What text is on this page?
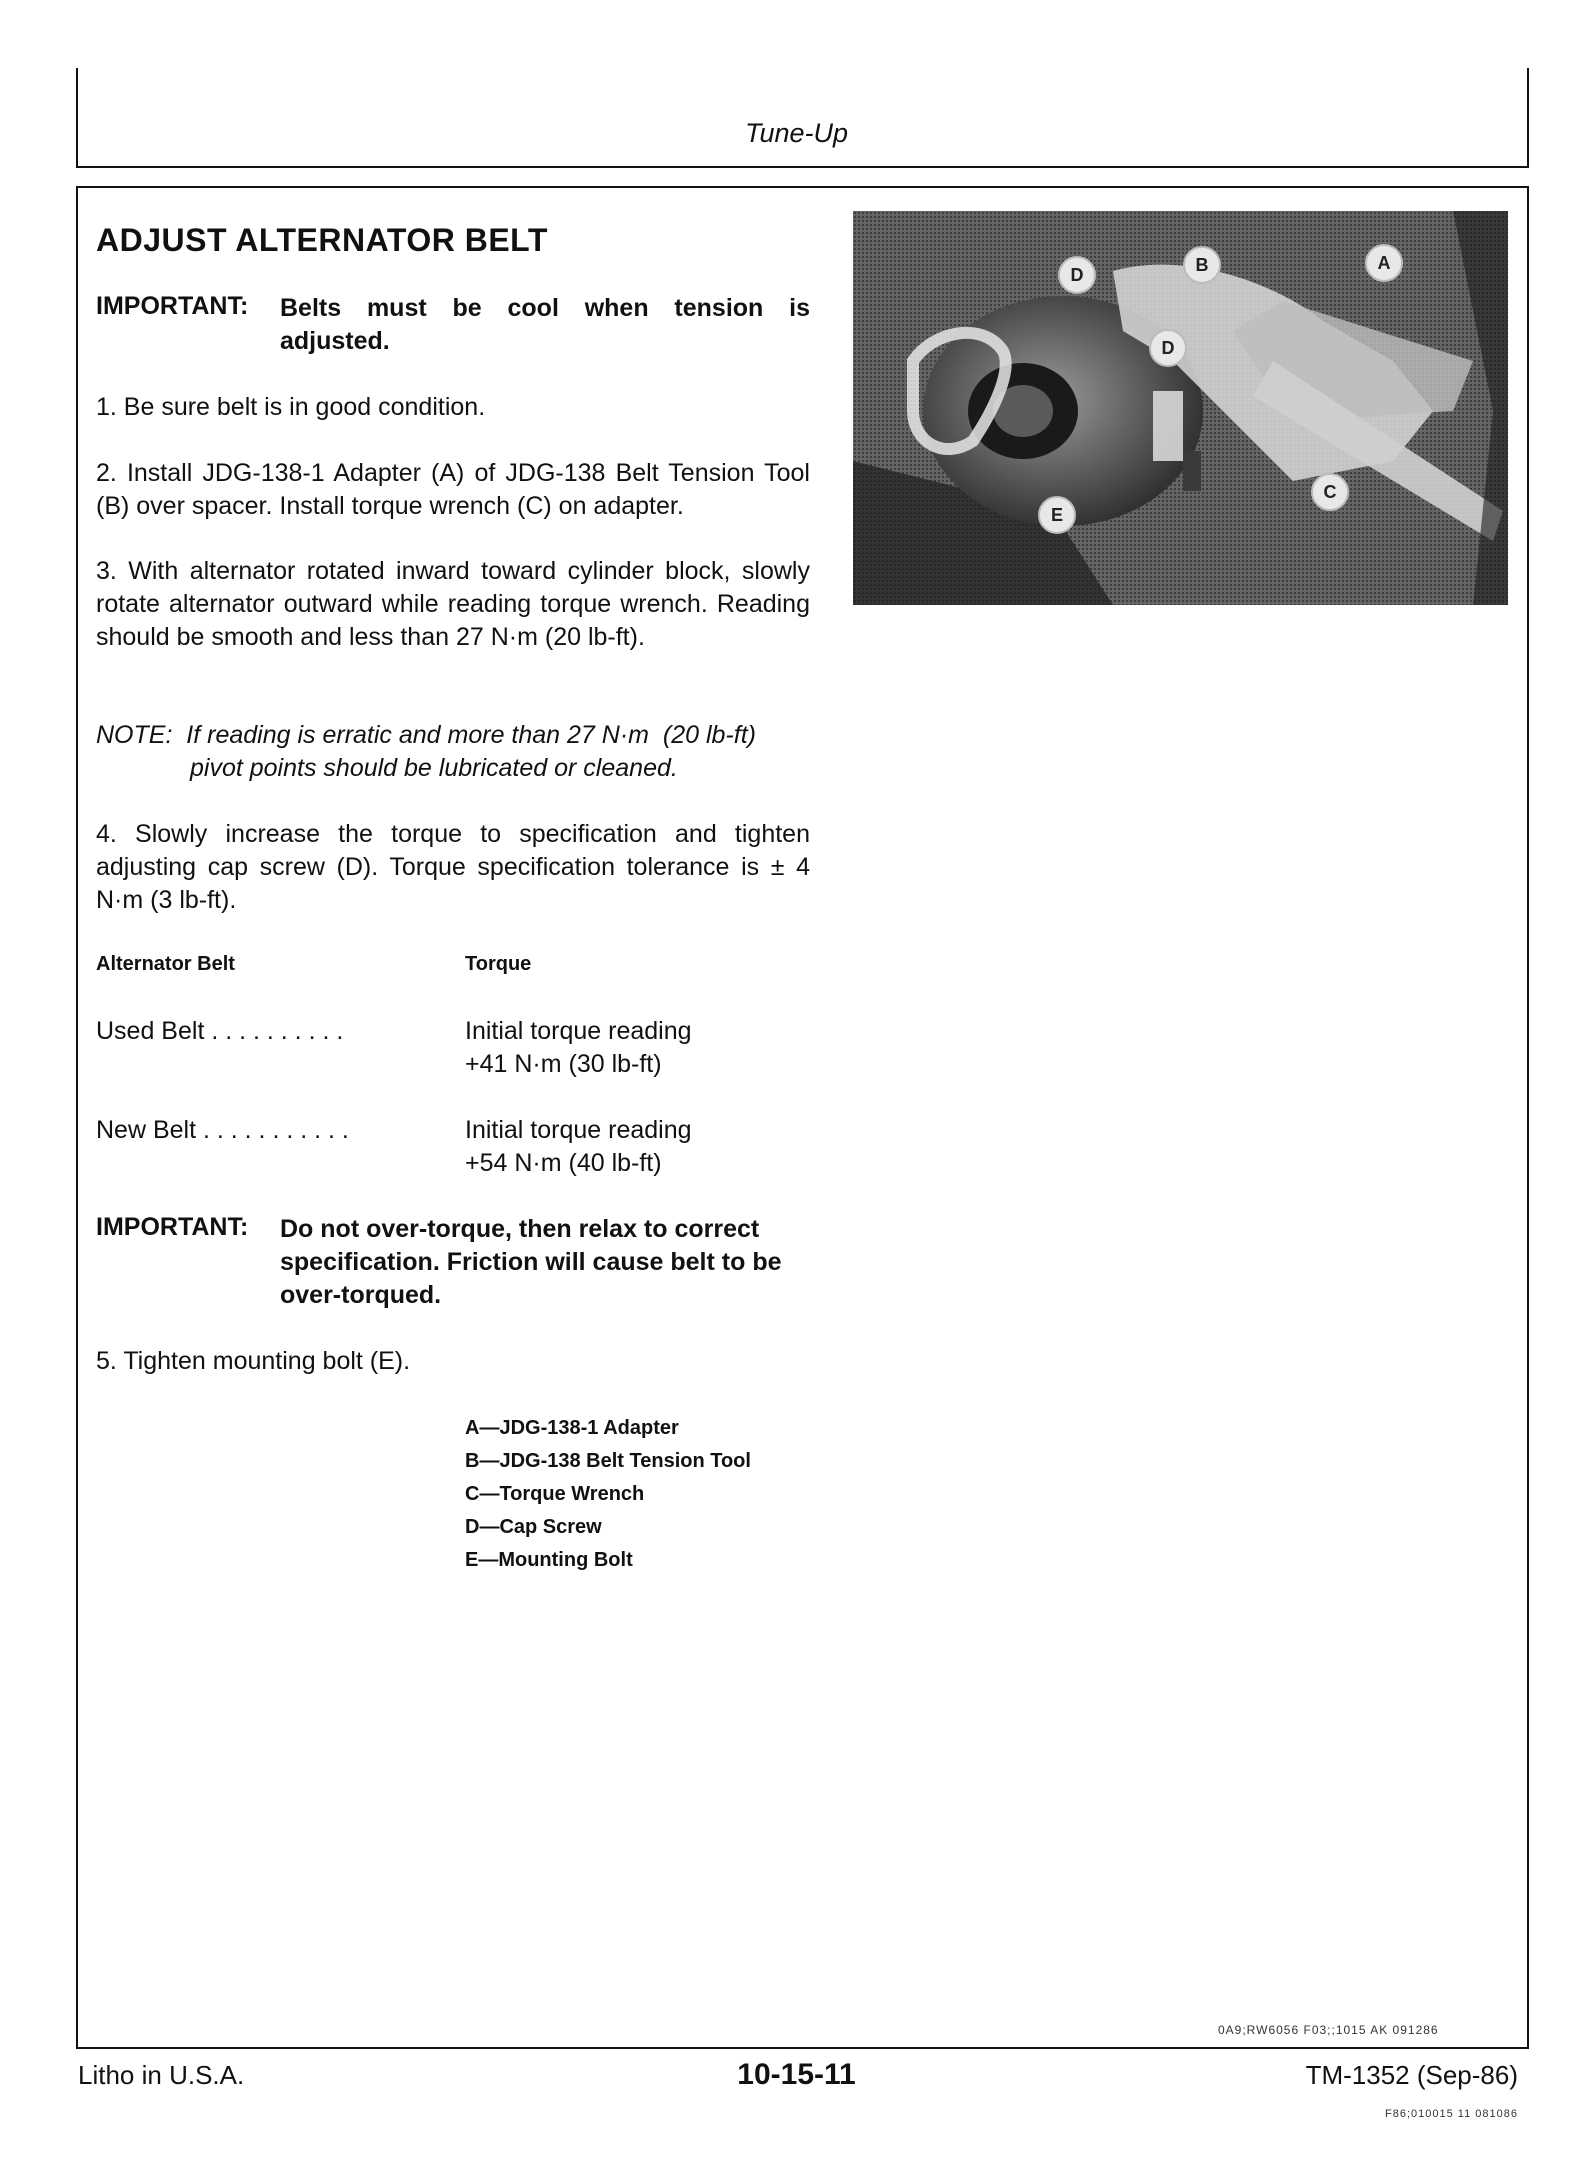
Tune-Up
ADJUST ALTERNATOR BELT
IMPORTANT: Belts must be cool when tension is
adjusted.
1. Be sure belt is in good condition.
2. Install JDG-138-1 Adapter (A) of JDG-138 Belt Tension Tool (B) over spacer. Install torque wrench (C) on adapter.
3. With alternator rotated inward toward cylinder block, slowly rotate alternator outward while reading torque wrench. Reading should be smooth and less than 27 N·m (20 lb-ft).
NOTE:  If reading is erratic and more than 27 N·m  (20 lb-ft)
pivot points should be lubricated or cleaned.
4. Slowly increase the torque to specification and tighten adjusting cap screw (D). Torque specification tolerance is ± 4 N·m (3 lb-ft).
Alternator Belt	Torque
Used Belt . . . . . . . . . .	Initial torque reading
+41 N·m (30 lb-ft)
New Belt . . . . . . . . . . .	Initial torque reading
+54 N·m (40 lb-ft)
IMPORTANT: Do not over-torque, then relax to correct
specification. Friction will cause belt to be
over-torqued.
5. Tighten mounting bolt (E).
A—JDG-138-1 Adapter
B—JDG-138 Belt Tension Tool
C—Torque Wrench
D—Cap Screw
E—Mounting Bolt
A
B
C
D
D
E
0A9;RW6056 F03;;1015 AK 091286
Litho in U.S.A.	10-15-11	TM-1352 (Sep-86)
F86;010015 11 081086
